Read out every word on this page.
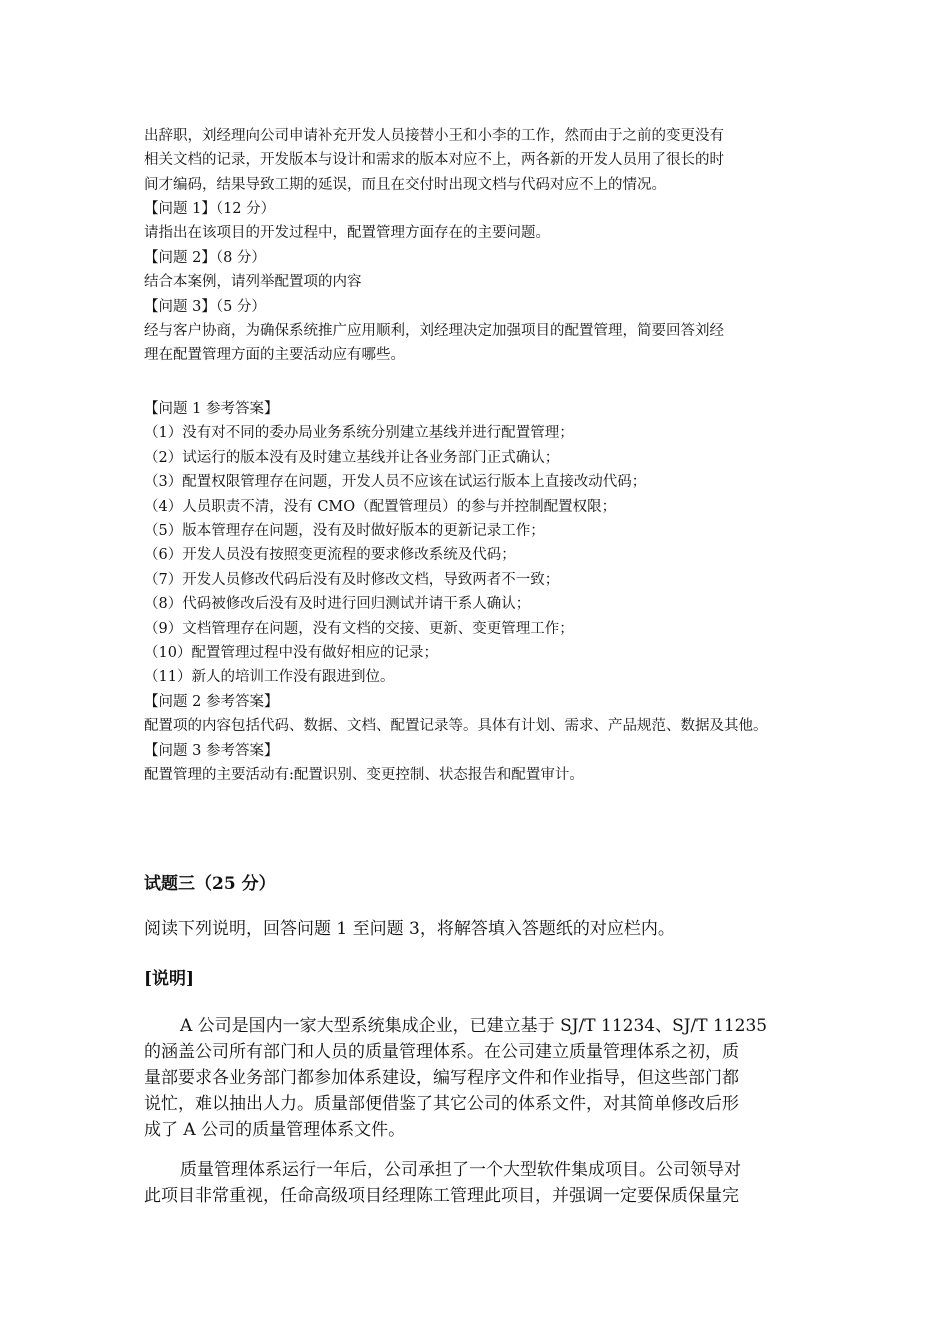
出辞职，刘经理向公司申请补充开发人员接替小王和小李的工作，然而由于之前的变更没有
相关文档的记录，开发版本与设计和需求的版本对应不上，两各新的开发人员用了很长的时
间才编码，结果导致工期的延误，而且在交付时出现文档与代码对应不上的情况。
【问题 1】（12 分）
请指出在该项目的开发过程中，配置管理方面存在的主要问题。
【问题 2】（8 分）
结合本案例，请列举配置项的内容
【问题 3】（5 分）
经与客户协商，为确保系统推广应用顺利，刘经理决定加强项目的配置管理，简要回答刘经
理在配置管理方面的主要活动应有哪些。
【问题 1 参考答案】
（1）没有对不同的委办局业务系统分别建立基线并进行配置管理；
（2）试运行的版本没有及时建立基线并让各业务部门正式确认；
（3）配置权限管理存在问题，开发人员不应该在试运行版本上直接改动代码；
（4）人员职责不清，没有 CMO（配置管理员）的参与并控制配置权限；
（5）版本管理存在问题，没有及时做好版本的更新记录工作；
（6）开发人员没有按照变更流程的要求修改系统及代码；
（7）开发人员修改代码后没有及时修改文档，导致两者不一致；
（8）代码被修改后没有及时进行回归测试并请干系人确认；
（9）文档管理存在问题，没有文档的交接、更新、变更管理工作；
（10）配置管理过程中没有做好相应的记录；
（11）新人的培训工作没有跟进到位。
【问题 2 参考答案】
配置项的内容包括代码、数据、文档、配置记录等。具体有计划、需求、产品规范、数据及其他。
【问题 3 参考答案】
配置管理的主要活动有:配置识别、变更控制、状态报告和配置审计。
试题三（25 分）
阅读下列说明，回答问题 1 至问题 3，将解答填入答题纸的对应栏内。
[说明]
A 公司是国内一家大型系统集成企业，已建立基于 SJ/T 11234、SJ/T 11235
的涵盖公司所有部门和人员的质量管理体系。在公司建立质量管理体系之初，质
量部要求各业务部门都参加体系建设，编写程序文件和作业指导，但这些部门都
说忙，难以抽出人力。质量部便借鉴了其它公司的体系文件，对其简单修改后形
成了 A 公司的质量管理体系文件。
质量管理体系运行一年后，公司承担了一个大型软件集成项目。公司领导对
此项目非常重视，任命高级项目经理陈工管理此项目，并强调一定要保质保量完
